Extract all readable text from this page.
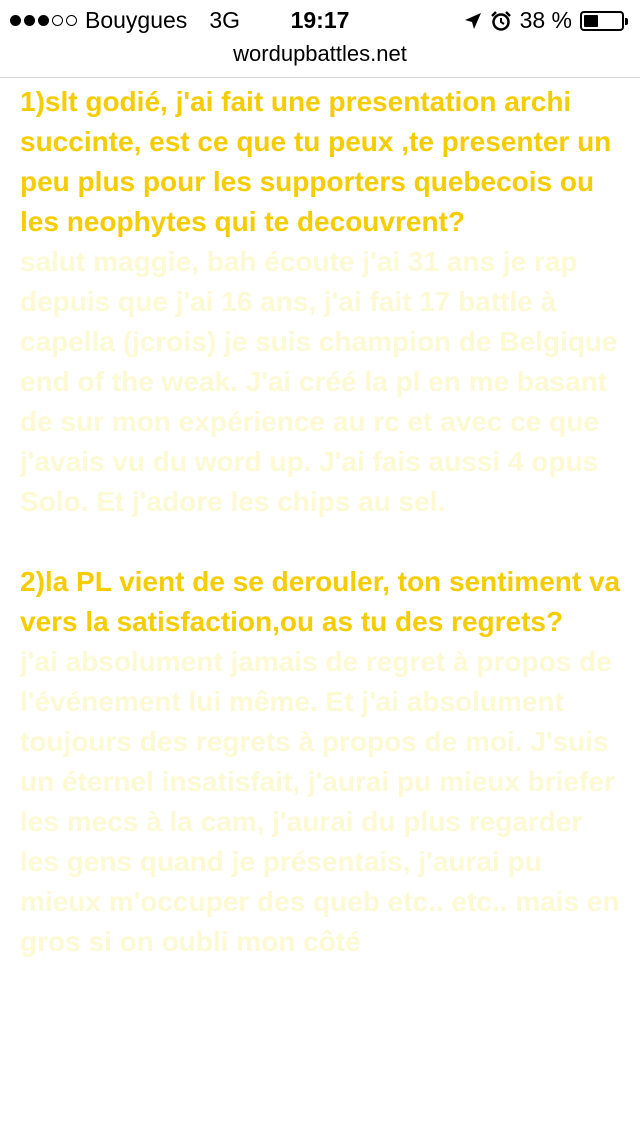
Bouygues 3G	19:17	38 %
wordupbattles.net

1)slt godié, j'ai fait une presentation archi succinte, est ce que tu peux ,te presenter un peu plus pour les supporters quebecois ou les neophytes qui te decouvrent?

salut maggie, bah écoute j'ai 31 ans je rap depuis que j'ai 16 ans, j'ai fait 17 battle à capella (jcrois) je suis champion de Belgique end of the weak. J'ai créé la pl en me basant de sur mon expérience au rc et avec ce que j'avais vu du word up. J'ai fais aussi 4 opus Solo. Et j'adore les chips au sel.

2)la PL vient de se derouler, ton sentiment va vers la satisfaction,ou as tu des regrets?

j'ai absolument jamais de regret à propos de l'événement lui même. Et j'ai absolument toujours des regrets à propos de moi. J'suis un éternel insatisfait, j'aurai pu mieux briefer les mecs à la cam, j'aurai du plus regarder les gens quand je présentais, j'aurai pu mieux m'occuper des queb etc.. etc.. mais en gros si on oubli mon côté
